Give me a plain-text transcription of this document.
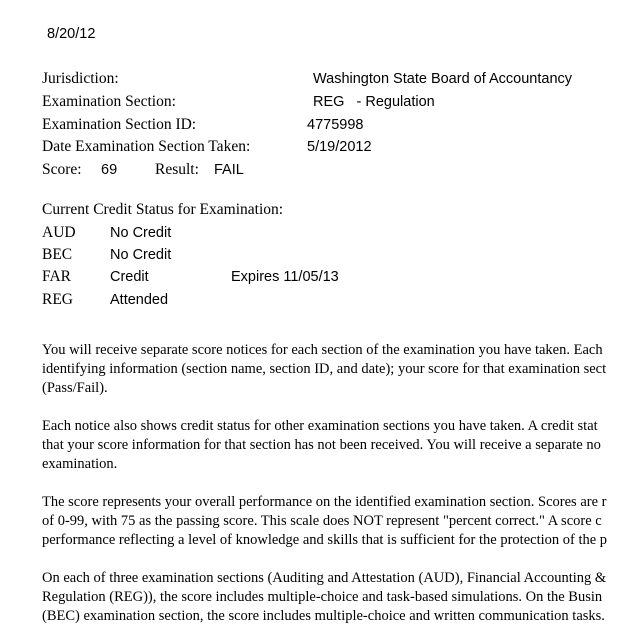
8/20/12
Jurisdiction:	Washington State Board of Accountancy
Examination Section:	REG   - Regulation
Examination Section ID:	4775998
Date Examination Section Taken:	5/19/2012
Score: 69 Result: FAIL
Current Credit Status for Examination:
AUD No Credit
BEC	No Credit
FAR	Credit	Expires 11/05/13
REG	Attended
You will receive separate score notices for each section of the examination you have taken. Each
identifying information (section name, section ID, and date); your score for that examination sect
(Pass/Fail).
Each notice also shows credit status for other examination sections you have taken. A credit stat
that your score information for that section has not been received. You will receive a separate no
examination.
The score represents your overall performance on the identified examination section. Scores are r
of 0-99, with 75 as the passing score. This scale does NOT represent "percent correct." A score c
performance reflecting a level of knowledge and skills that is sufficient for the protection of the p
On each of three examination sections (Auditing and Attestation (AUD), Financial Accounting &
Regulation (REG)), the score includes multiple-choice and task-based simulations. On the Busin
(BEC) examination section, the score includes multiple-choice and written communication tasks.
